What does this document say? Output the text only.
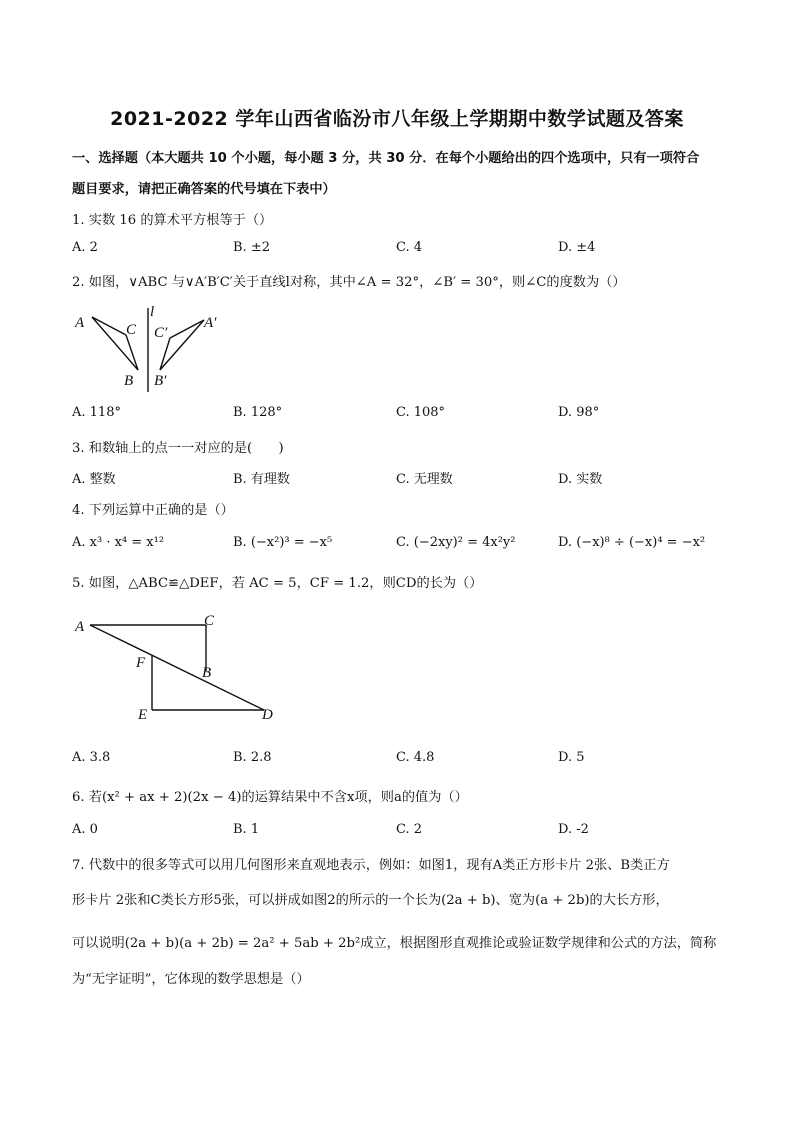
2021-2022 学年山西省临汾市八年级上学期期中数学试题及答案
一、选择题（本大题共 10 个小题，每小题 3 分，共 30 分．在每个小题给出的四个选项中，只有一项符合
题目要求，请把正确答案的代号填在下表中）
1. 实数 16 的算术平方根等于（）
A. 2	B. ±2	C. 4	D. ±4
2. 如图，∨ABC 与∨A′B′C′关于直线l对称，其中∠A = 32°，∠B′ = 30°，则∠C的度数为（）
A	C
l
C′
A′
B B′
A. 118°	B. 128°	C. 108°	D. 98°
3. 和数轴上的点一一对应的是(　　)
A. 整数	B. 有理数	C. 无理数	D. 实数
4. 下列运算中正确的是（）
A. x³ · x⁴ = x¹²	B. (−x²)³ = −x⁵	C. (−2xy)² = 4x²y²	D. (−x)⁸ ÷ (−x)⁴ = −x²
5. 如图，△ABC≌△DEF，若 AC = 5，CF = 1.2，则CD的长为（）
A	C
F
B
E	D
A. 3.8	B. 2.8	C. 4.8	D. 5
6. 若(x² + ax + 2)(2x − 4)的运算结果中不含x项，则a的值为（）
A. 0	B. 1	C. 2	D. -2
7. 代数中的很多等式可以用几何图形来直观地表示，例如：如图1，现有A类正方形卡片 2张、B类正方
形卡片 2张和C类长方形5张，可以拼成如图2的所示的一个长为(2a + b)、宽为(a + 2b)的大长方形，
可以说明(2a + b)(a + 2b) = 2a² + 5ab + 2b²成立，根据图形直观推论或验证数学规律和公式的方法，简称
为“无字证明”，它体现的数学思想是（）
